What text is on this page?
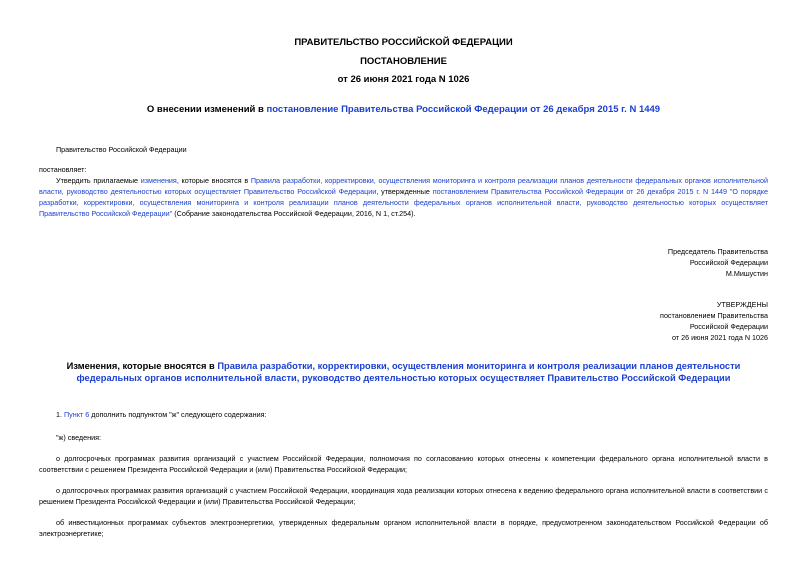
ПРАВИТЕЛЬСТВО РОССИЙСКОЙ ФЕДЕРАЦИИ
ПОСТАНОВЛЕНИЕ
от 26 июня 2021 года N 1026
О внесении изменений в постановление Правительства Российской Федерации от 26 декабря 2015 г. N 1449
Правительство Российской Федерации
постановляет:
Утвердить прилагаемые изменения, которые вносятся в Правила разработки, корректировки, осуществления мониторинга и контроля реализации планов деятельности федеральных органов исполнительной власти, руководство деятельностью которых осуществляет Правительство Российской Федерации, утвержденные постановлением Правительства Российской Федерации от 26 декабря 2015 г. N 1449 "О порядке разработки, корректировки, осуществления мониторинга и контроля реализации планов деятельности федеральных органов исполнительной власти, руководство деятельностью которых осуществляет Правительство Российской Федерации" (Собрание законодательства Российской Федерации, 2016, N 1, ст.254).
Председатель Правительства
Российской Федерации
М.Мишустин
УТВЕРЖДЕНЫ
постановлением Правительства
Российской Федерации
от 26 июня 2021 года N 1026
Изменения, которые вносятся в Правила разработки, корректировки, осуществления мониторинга и контроля реализации планов деятельности федеральных органов исполнительной власти, руководство деятельностью которых осуществляет Правительство Российской Федерации
1. Пункт 6 дополнить подпунктом "ж" следующего содержания:
"ж) сведения:
о долгосрочных программах развития организаций с участием Российской Федерации, полномочия по согласованию которых отнесены к компетенции федерального органа исполнительной власти в соответствии с решением Президента Российской Федерации и (или) Правительства Российской Федерации;
о долгосрочных программах развития организаций с участием Российской Федерации, координация хода реализации которых отнесена к ведению федерального органа исполнительной власти в соответствии с решением Президента Российской Федерации и (или) Правительства Российской Федерации;
об инвестиционных программах субъектов электроэнергетики, утвержденных федеральным органом исполнительной власти в порядке, предусмотренном законодательством Российской Федерации об электроэнергетике;
